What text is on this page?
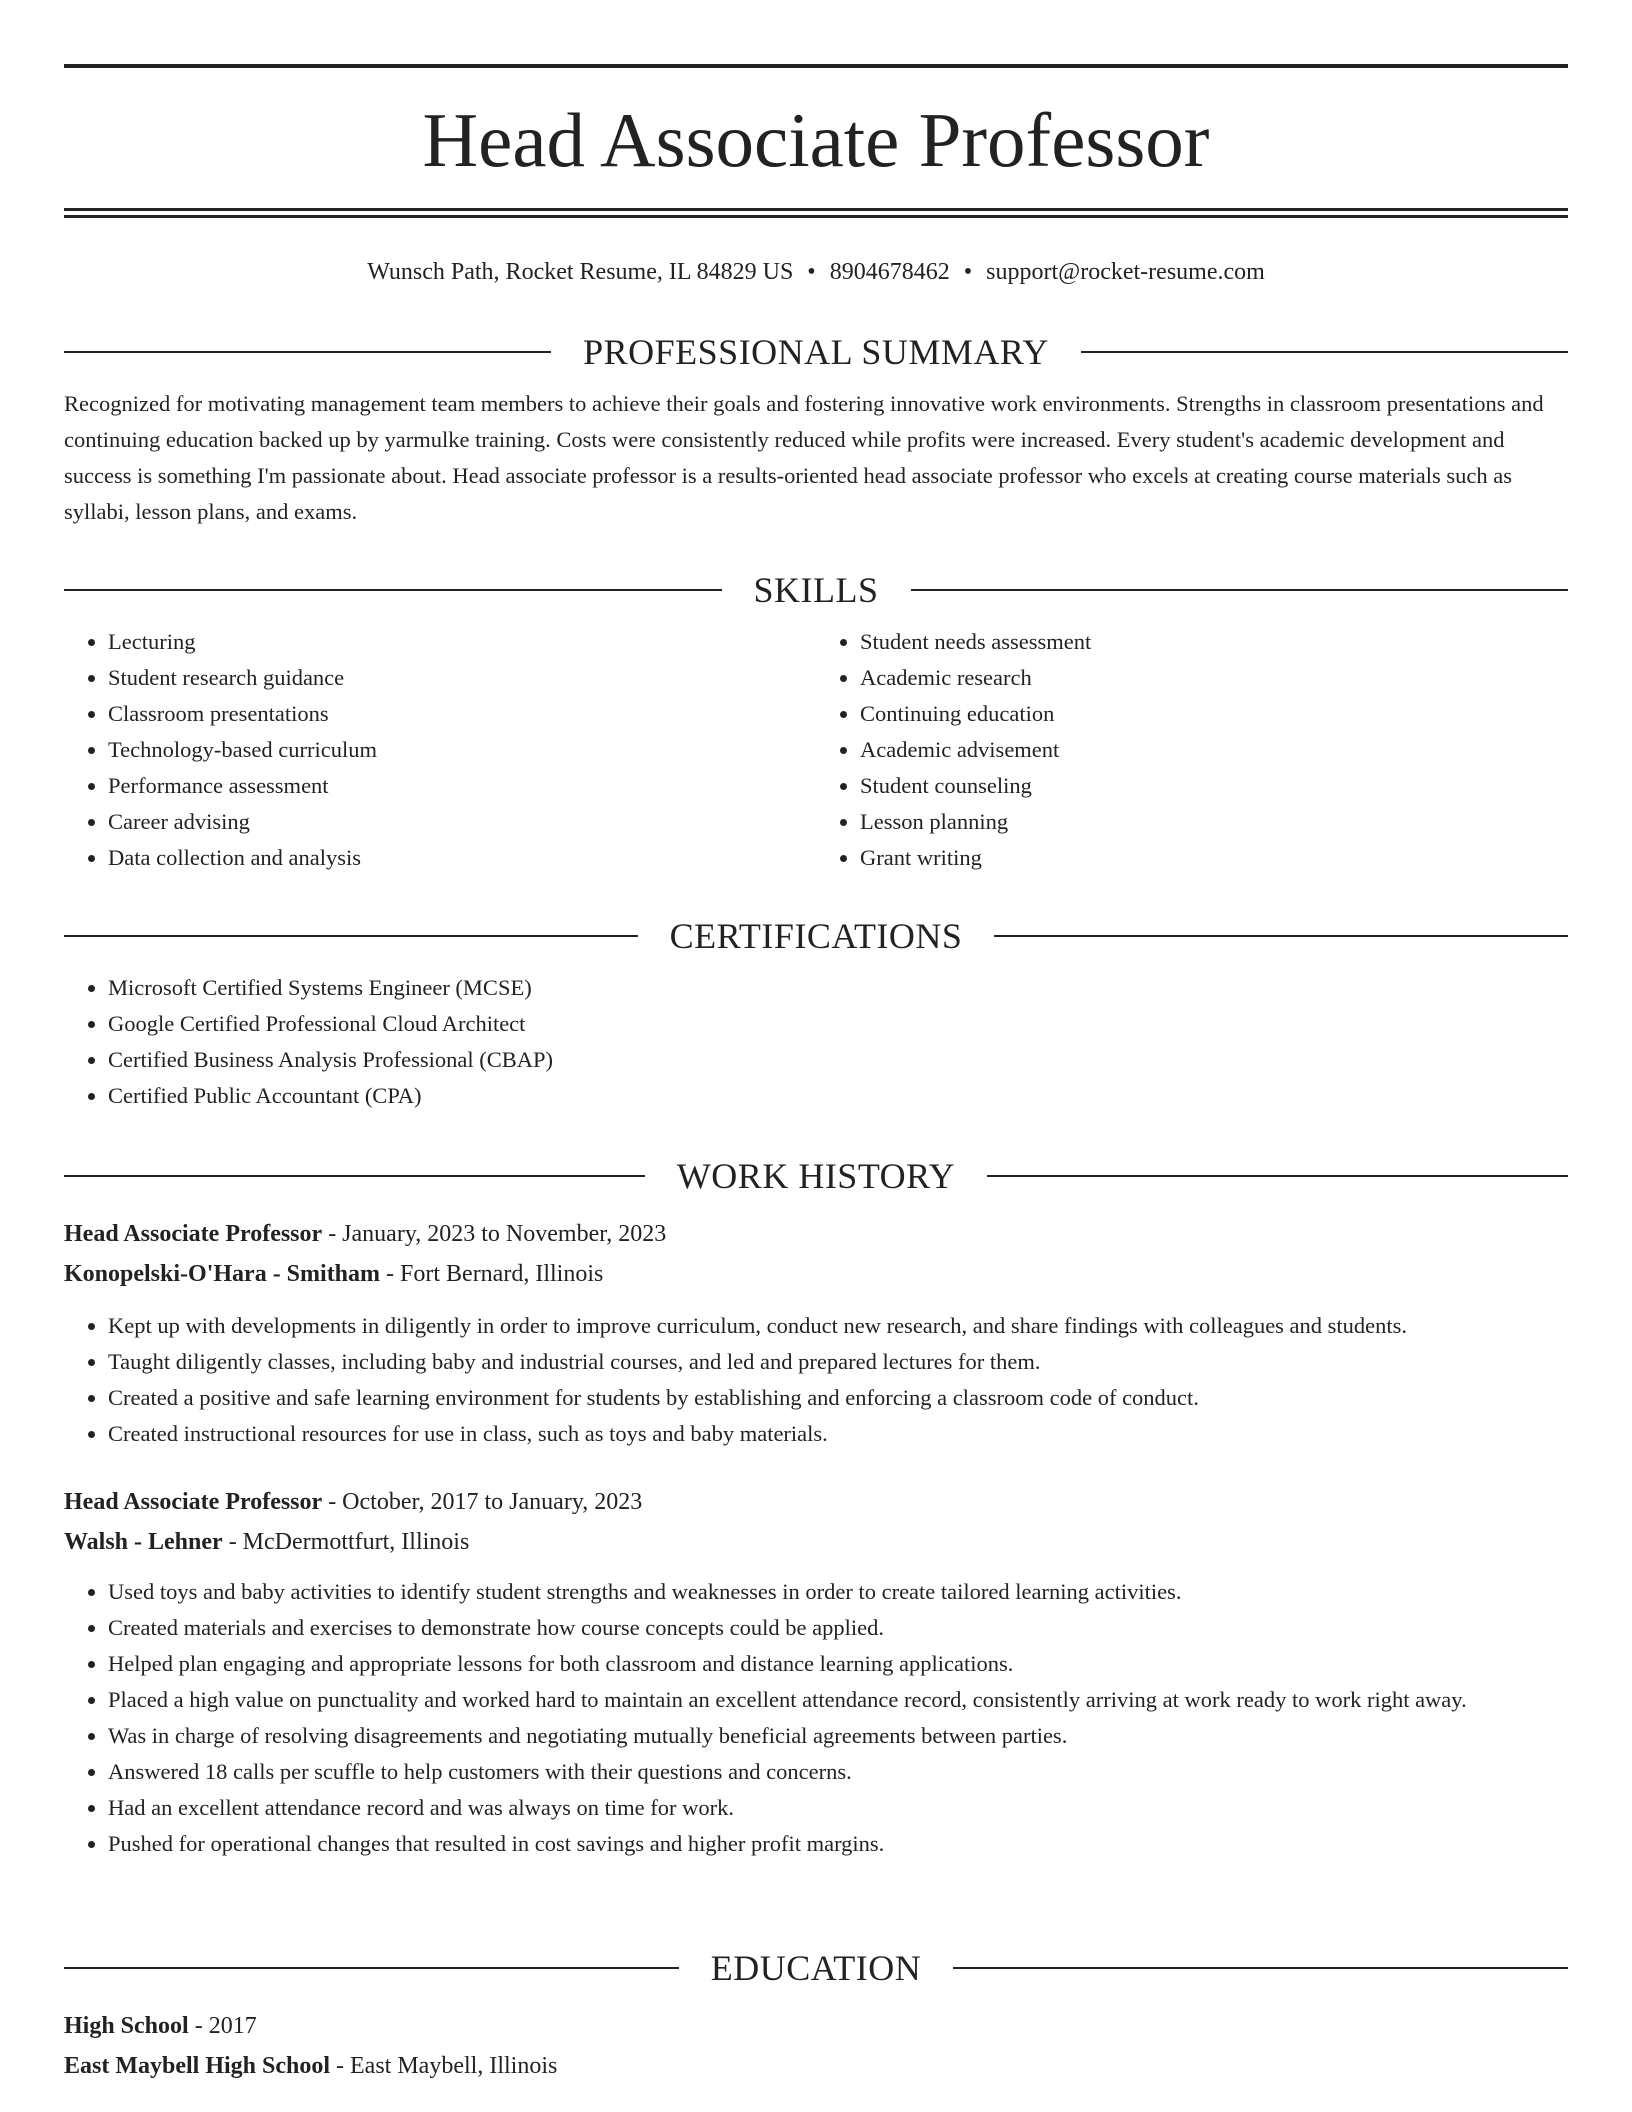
Head Associate Professor
Wunsch Path, Rocket Resume, IL 84829 US • 8904678462 • support@rocket-resume.com
PROFESSIONAL SUMMARY

Recognized for motivating management team members to achieve their goals and fostering innovative work environments. Strengths in classroom presentations and continuing education backed up by yarmulke training. Costs were consistently reduced while profits were increased. Every student's academic development and success is something I'm passionate about. Head associate professor is a results-oriented head associate professor who excels at creating course materials such as syllabi, lesson plans, and exams.

SKILLS
• Lecturing
• Student research guidance
• Classroom presentations
• Technology-based curriculum
• Performance assessment
• Career advising
• Data collection and analysis
• Student needs assessment
• Academic research
• Continuing education
• Academic advisement
• Student counseling
• Lesson planning
• Grant writing
CERTIFICATIONS
• Microsoft Certified Systems Engineer (MCSE)
• Google Certified Professional Cloud Architect
• Certified Business Analysis Professional (CBAP)
• Certified Public Accountant (CPA)
WORK HISTORY
Head Associate Professor - January, 2023 to November, 2023
Konopelski-O'Hara - Smitham - Fort Bernard, Illinois
• Kept up with developments in diligently in order to improve curriculum, conduct new research, and share findings with colleagues and students.
• Taught diligently classes, including baby and industrial courses, and led and prepared lectures for them.
• Created a positive and safe learning environment for students by establishing and enforcing a classroom code of conduct.
• Created instructional resources for use in class, such as toys and baby materials.
Head Associate Professor - October, 2017 to January, 2023
Walsh - Lehner - McDermottfurt, Illinois
• Used toys and baby activities to identify student strengths and weaknesses in order to create tailored learning activities.
• Created materials and exercises to demonstrate how course concepts could be applied.
• Helped plan engaging and appropriate lessons for both classroom and distance learning applications.
• Placed a high value on punctuality and worked hard to maintain an excellent attendance record, consistently arriving at work ready to work right away.
• Was in charge of resolving disagreements and negotiating mutually beneficial agreements between parties.
• Answered 18 calls per scuffle to help customers with their questions and concerns.
• Had an excellent attendance record and was always on time for work.
• Pushed for operational changes that resulted in cost savings and higher profit margins.
EDUCATION
High School - 2017
East Maybell High School - East Maybell, Illinois
